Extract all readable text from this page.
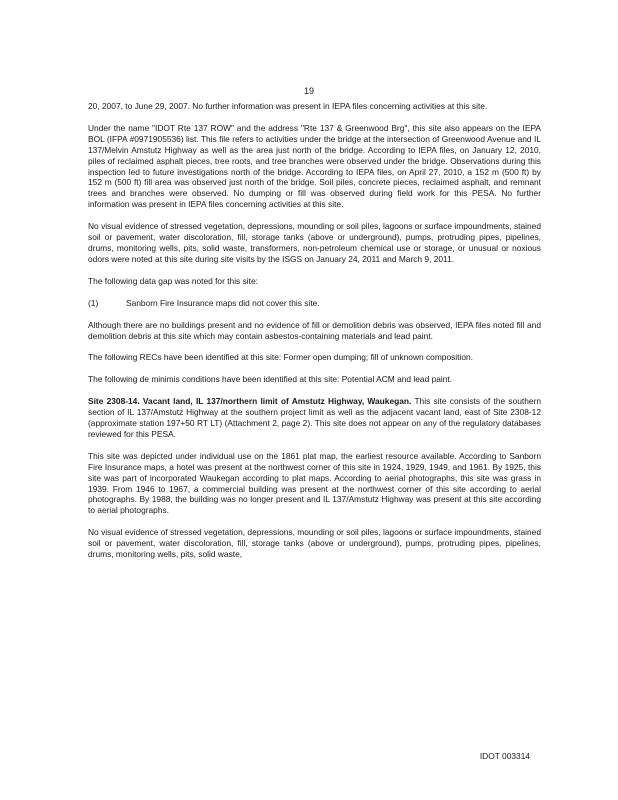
19

20, 2007, to June 29, 2007. No further information was present in IEPA files concerning activities at this site.

Under the name "IDOT Rte 137 ROW" and the address "Rte 137 & Greenwood Brg", this site also appears on the IEPA BOL (IFPA #0971905536) list. This file refers to activities under the bridge at the intersection of Greenwood Avenue and IL 137/Melvin Amstutz Highway as well as the area just north of the bridge. According to IEPA files, on January 12, 2010, piles of reclaimed asphalt pieces, tree roots, and tree branches were observed under the bridge. Observations during this inspection led to future investigations north of the bridge. According to IEPA files, on April 27, 2010, a 152 m (500 ft) by 152 m (500 ft) fill area was observed just north of the bridge. Soil piles, concrete pieces, reclaimed asphalt, and remnant trees and branches were observed. No dumping or fill was observed during field work for this PESA. No further information was present in IEPA files concerning activities at this site.

No visual evidence of stressed vegetation, depressions, mounding or soil piles, lagoons or surface impoundments, stained soil or pavement, water discoloration, fill, storage tanks (above or underground), pumps, protruding pipes, pipelines, drums, monitoring wells, pits, solid waste, transformers, non-petroleum chemical use or storage, or unusual or noxious odors were noted at this site during site visits by the ISGS on January 24, 2011 and March 9, 2011.

The following data gap was noted for this site:

(1)	Sanborn Fire Insurance maps did not cover this site.

Although there are no buildings present and no evidence of fill or demolition debris was observed, IEPA files noted fill and demolition debris at this site which may contain asbestos-containing materials and lead paint.

The following RECs have been identified at this site: Former open dumping; fill of unknown composition.

The following de minimis conditions have been identified at this site: Potential ACM and lead paint.

Site 2308-14. Vacant land, IL 137/northern limit of Amstutz Highway, Waukegan. This site consists of the southern section of IL 137/Amstutz Highway at the southern project limit as well as the adjacent vacant land, east of Site 2308-12 (approximate station 197+50 RT LT) (Attachment 2, page 2). This site does not appear on any of the regulatory databases reviewed for this PESA.

This site was depicted under individual use on the 1861 plat map, the earliest resource available. According to Sanborn Fire Insurance maps, a hotel was present at the northwest corner of this site in 1924, 1929, 1949, and 1961. By 1925, this site was part of incorporated Waukegan according to plat maps. According to aerial photographs, this site was grass in 1939. From 1946 to 1967, a commercial building was present at the northwest corner of this site according to aerial photographs. By 1988, the building was no longer present and IL 137/Amstutz Highway was present at this site according to aerial photographs.

No visual evidence of stressed vegetation, depressions, mounding or soil piles, lagoons or surface impoundments, stained soil or pavement, water discoloration, fill, storage tanks (above or underground), pumps, protruding pipes, pipelines, drums, monitoring wells, pits, solid waste,

IDOT 003314
